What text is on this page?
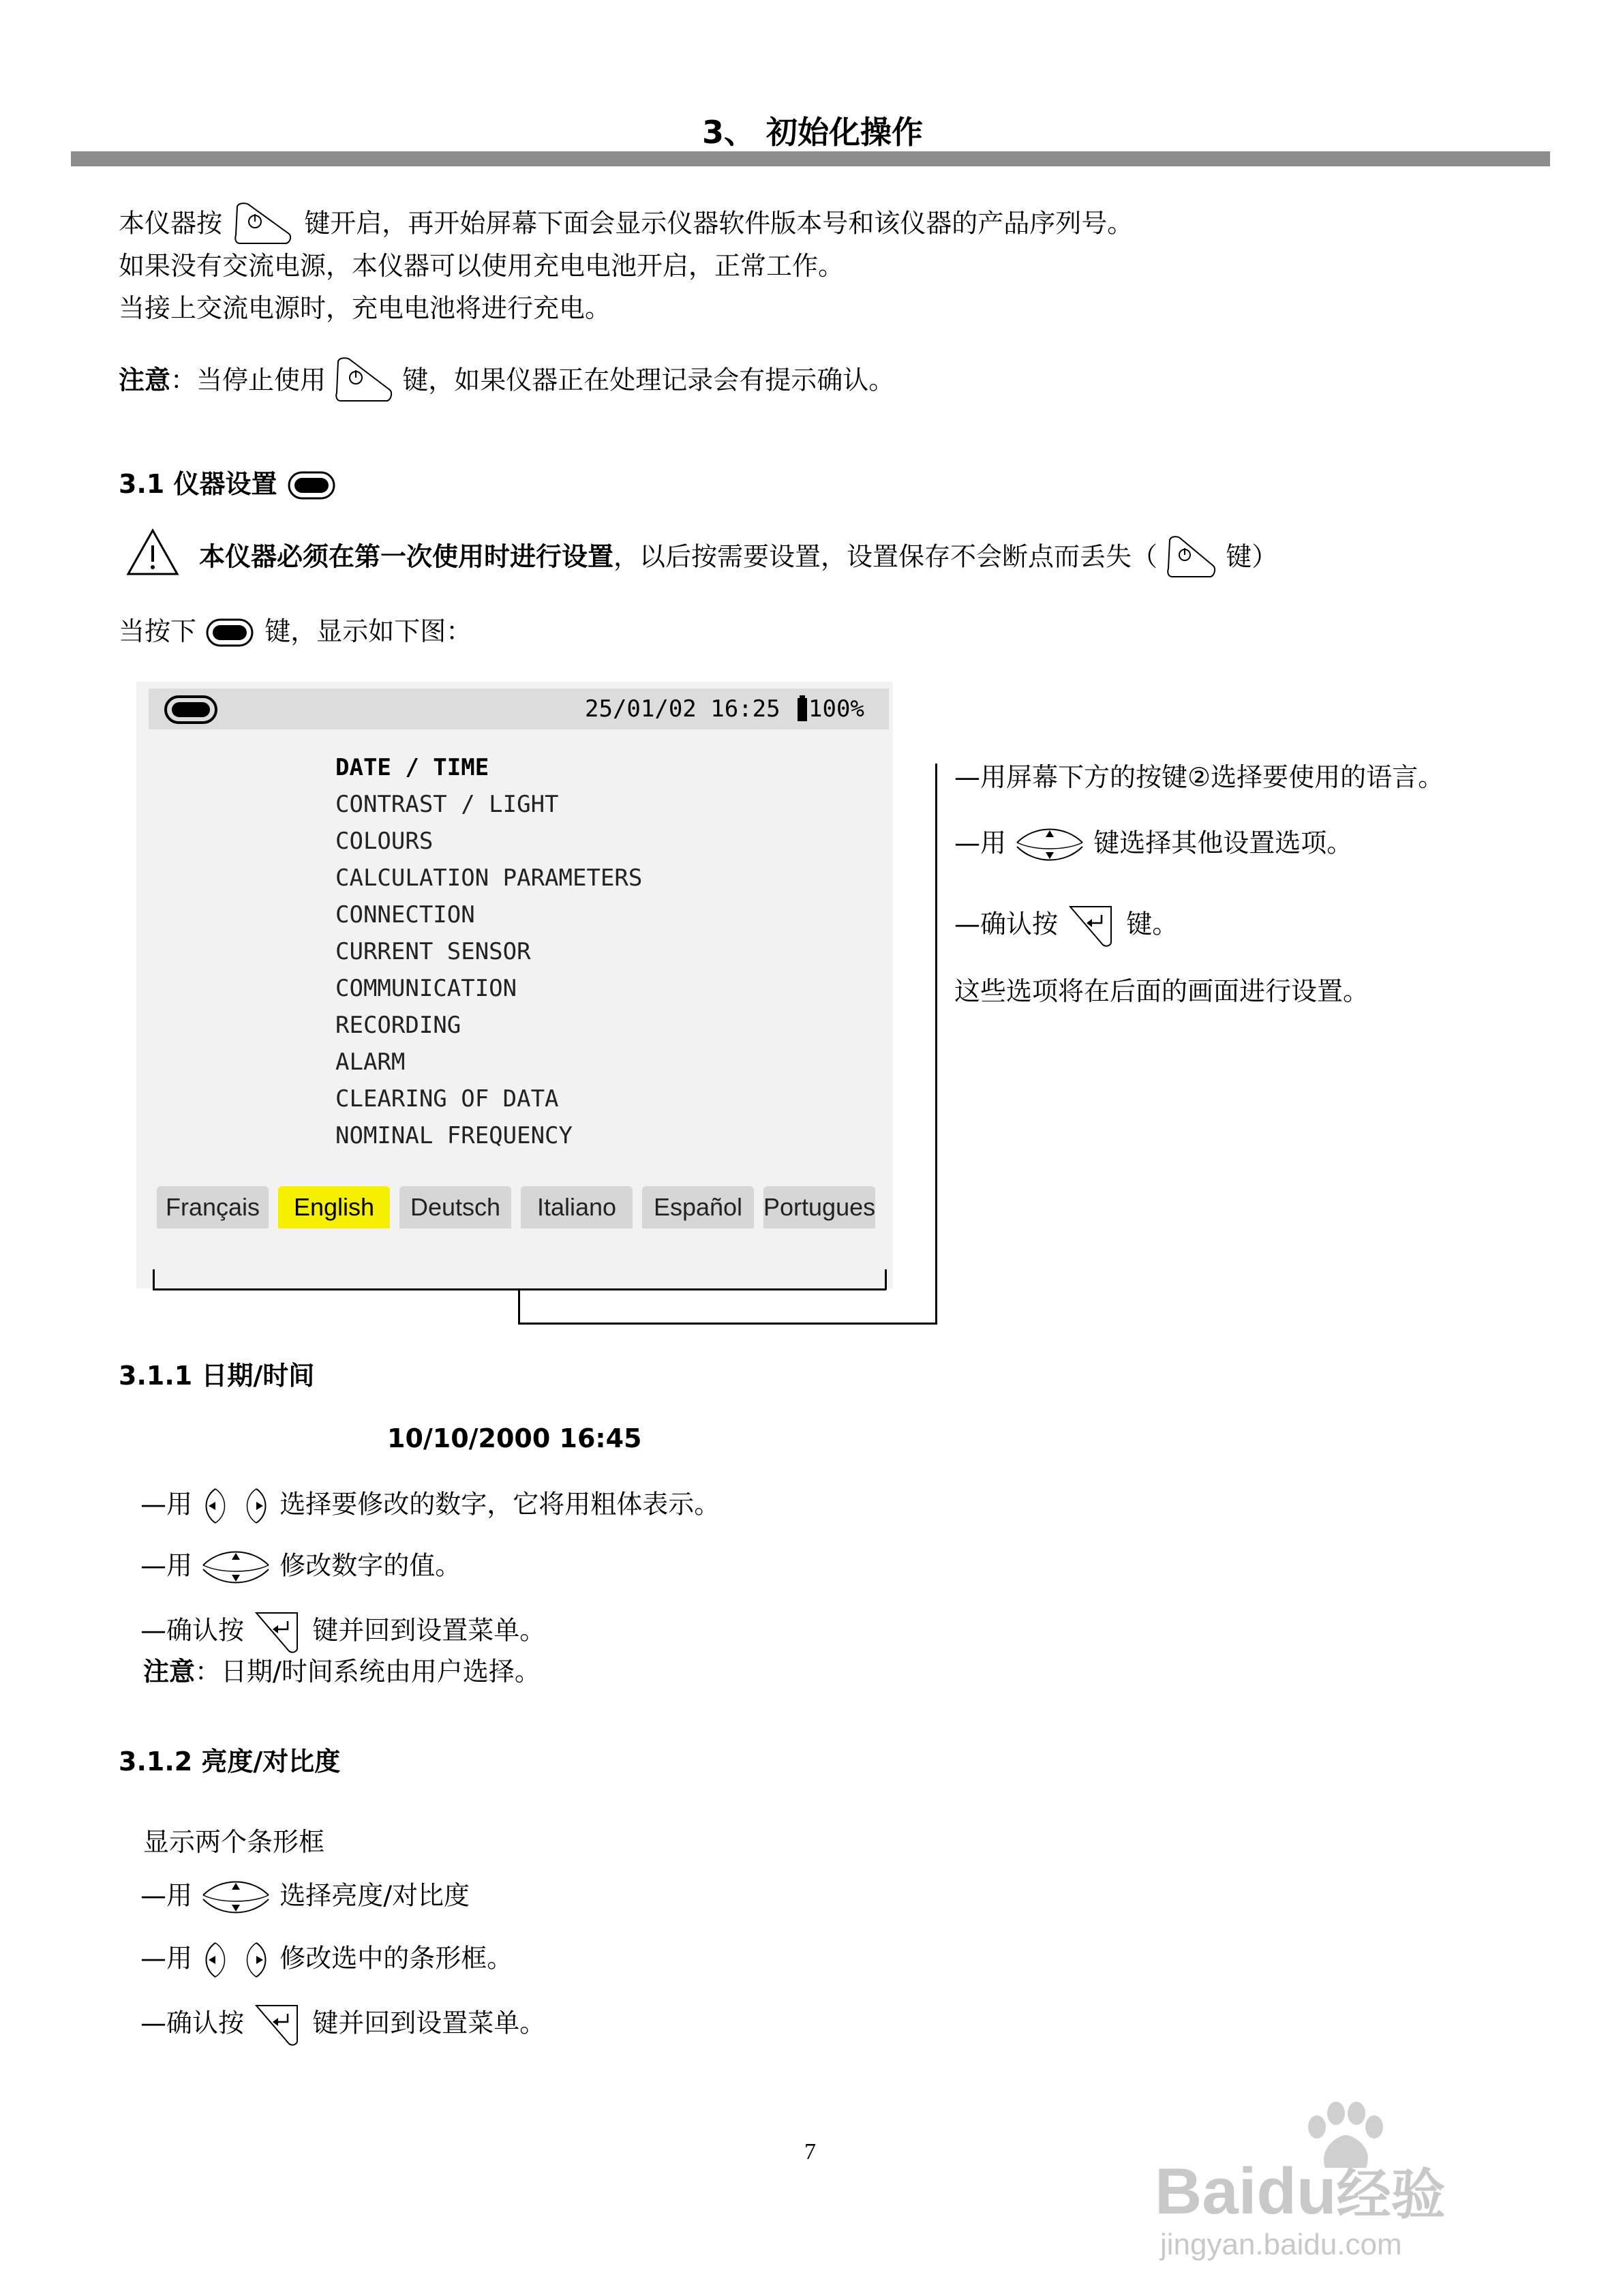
3、 初始化操作
本仪器按	键开启，再开始屏幕下面会显示仪器软件版本号和该仪器的产品序列号。
如果没有交流电源，本仪器可以使用充电电池开启，正常工作。
当接上交流电源时，充电电池将进行充电。
注意：当停止使用	键，如果仪器正在处理记录会有提示确认。
3.1 仪器设置
本仪器必须在第一次使用时进行设置，以后按需要设置，设置保存不会断点而丢失（	键）
当按下	键，显示如下图：
25/01/02 16:25 100%
DATE / TIME
CONTRAST / LIGHT
COLOURS
CALCULATION PARAMETERS
CONNECTION
CURRENT SENSOR
COMMUNICATION
RECORDING
ALARM
CLEARING OF DATA
NOMINAL FREQUENCY
Français	English	Deutsch	Italiano	Español Portugues
—用屏幕下方的按键②选择要使用的语言。
—用	键选择其他设置选项。
—确认按	键。
这些选项将在后面的画面进行设置。
3.1.1 日期/时间
10/10/2000 16:45
—用	选择要修改的数字，它将用粗体表示。
—用	修改数字的值。
—确认按	键并回到设置菜单。
注意：日期/时间系统由用户选择。
3.1.2 亮度/对比度
显示两个条形框
—用	选择亮度/对比度
—用	修改选中的条形框。
—确认按	键并回到设置菜单。
7
Baidu经验
jingyan.baidu.com
